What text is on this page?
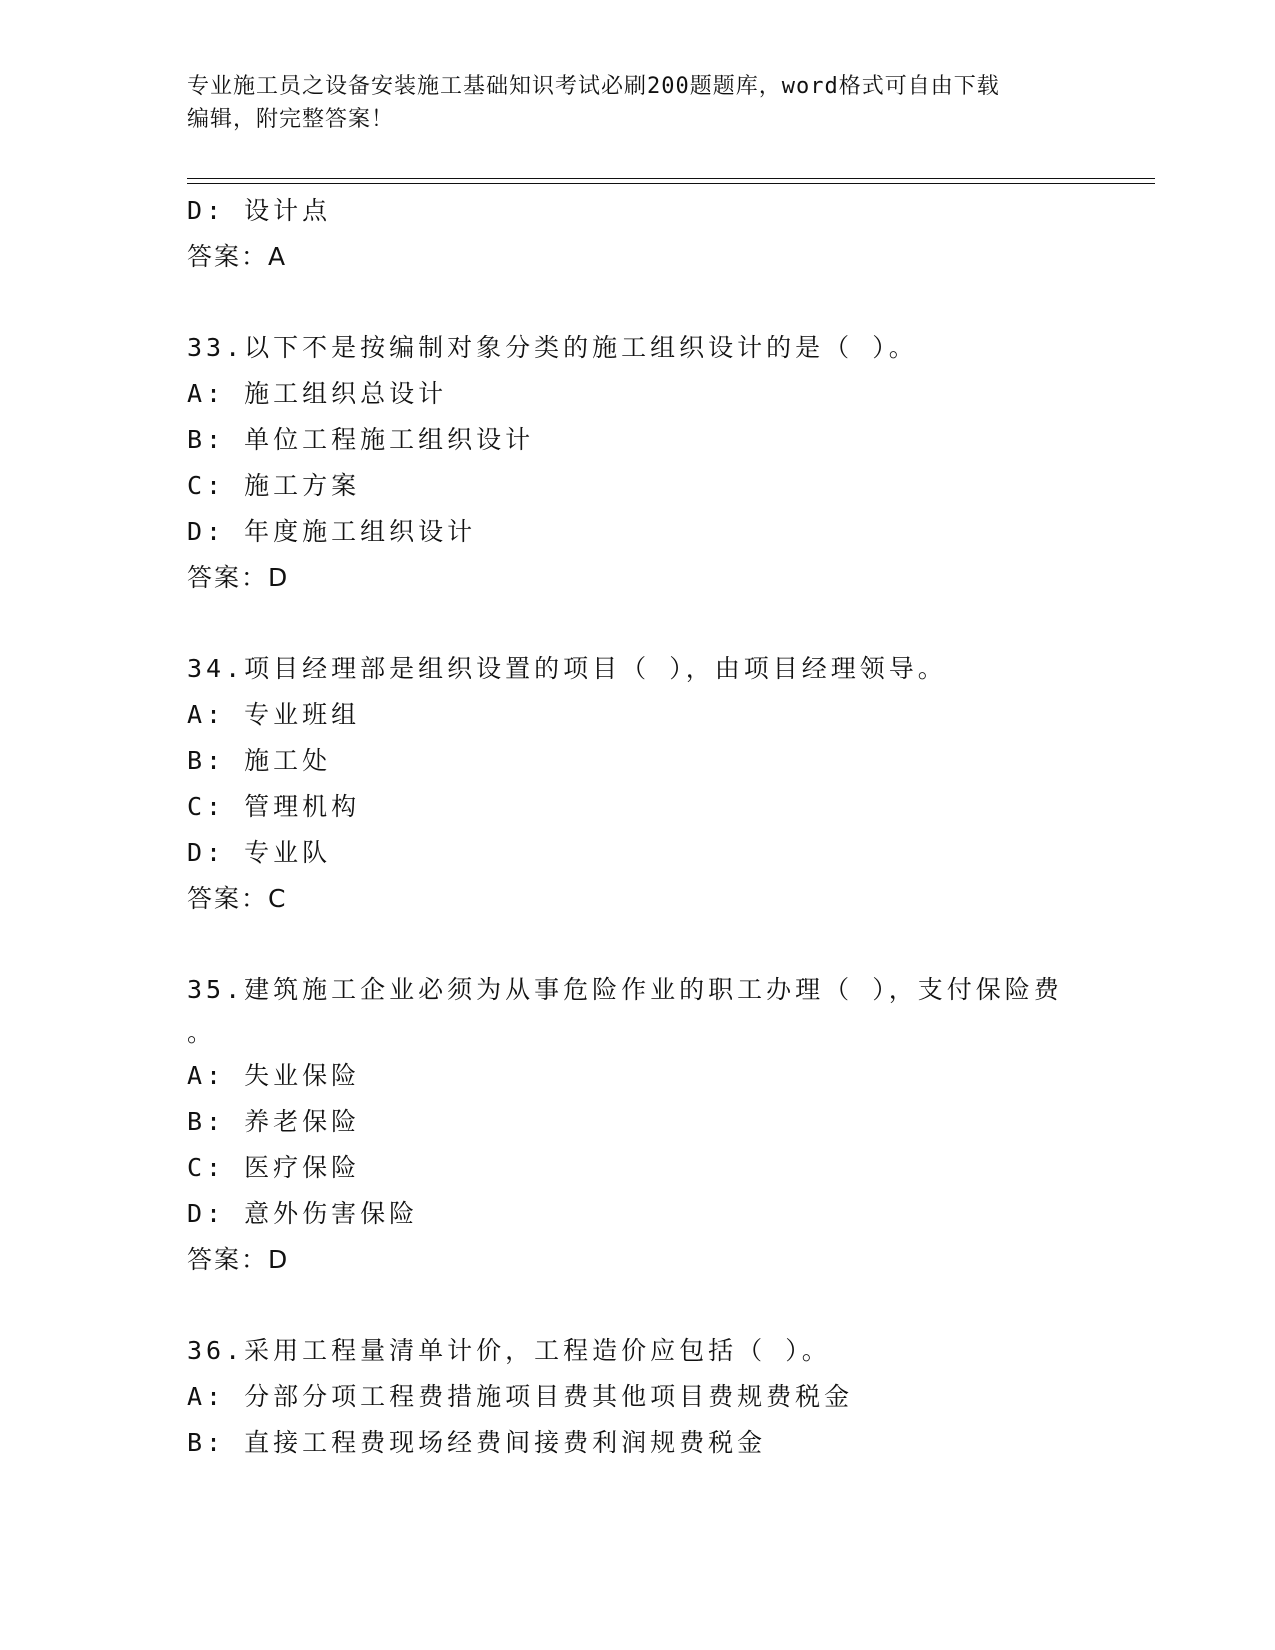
专业施工员之设备安装施工基础知识考试必刷200题题库，word格式可自由下载
编辑，附完整答案！
D: 设计点
答案：A
33.以下不是按编制对象分类的施工组织设计的是（ ）。
A: 施工组织总设计
B: 单位工程施工组织设计
C: 施工方案
D: 年度施工组织设计
答案：D
34.项目经理部是组织设置的项目（ ），由项目经理领导。
A: 专业班组
B: 施工处
C: 管理机构
D: 专业队
答案：C
35.建筑施工企业必须为从事危险作业的职工办理（ ），支付保险费
。
A: 失业保险
B: 养老保险
C: 医疗保险
D: 意外伤害保险
答案：D
36.采用工程量清单计价，工程造价应包括（ ）。
A: 分部分项工程费措施项目费其他项目费规费税金
B: 直接工程费现场经费间接费利润规费税金
